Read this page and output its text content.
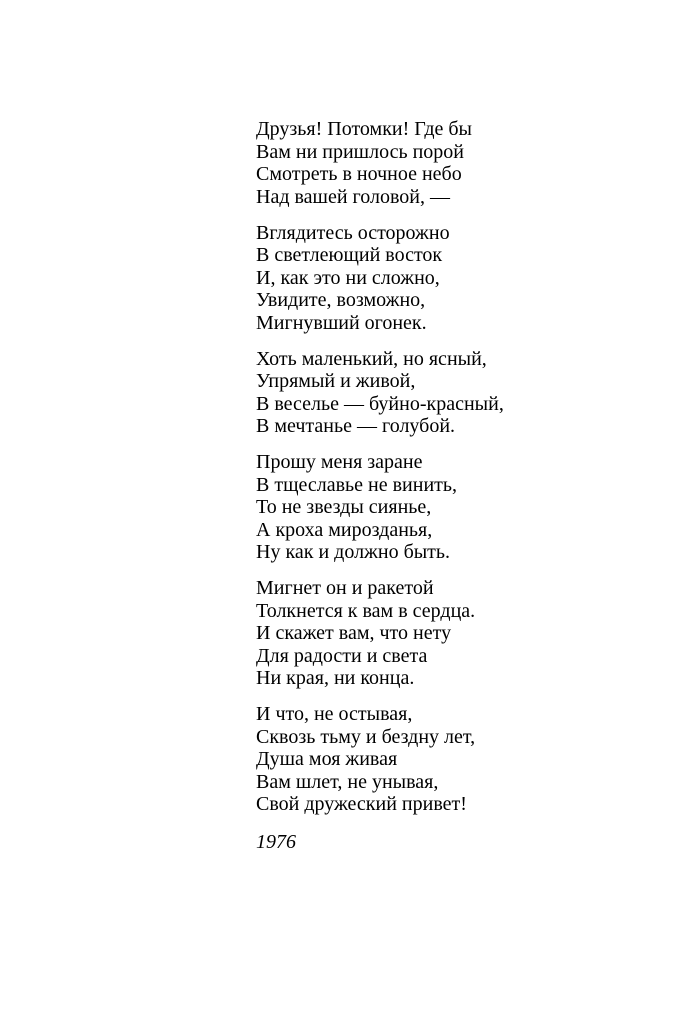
Друзья! Потомки! Где бы
Вам ни пришлось порой
Смотреть в ночное небо
Над вашей головой, —
Вглядитесь осторожно
В светлеющий восток
И, как это ни сложно,
Увидите, возможно,
Мигнувший огонек.
Хоть маленький, но ясный,
Упрямый и живой,
В веселье — буйно-красный,
В мечтанье — голубой.
Прошу меня заране
В тщеславье не винить,
То не звезды сиянье,
А кроха мирозданья,
Ну как и должно быть.
Мигнет он и ракетой
Толкнется к вам в сердца.
И скажет вам, что нету
Для радости и света
Ни края, ни конца.
И что, не остывая,
Сквозь тьму и бездну лет,
Душа моя живая
Вам шлет, не унывая,
Свой дружеский привет!
1976
